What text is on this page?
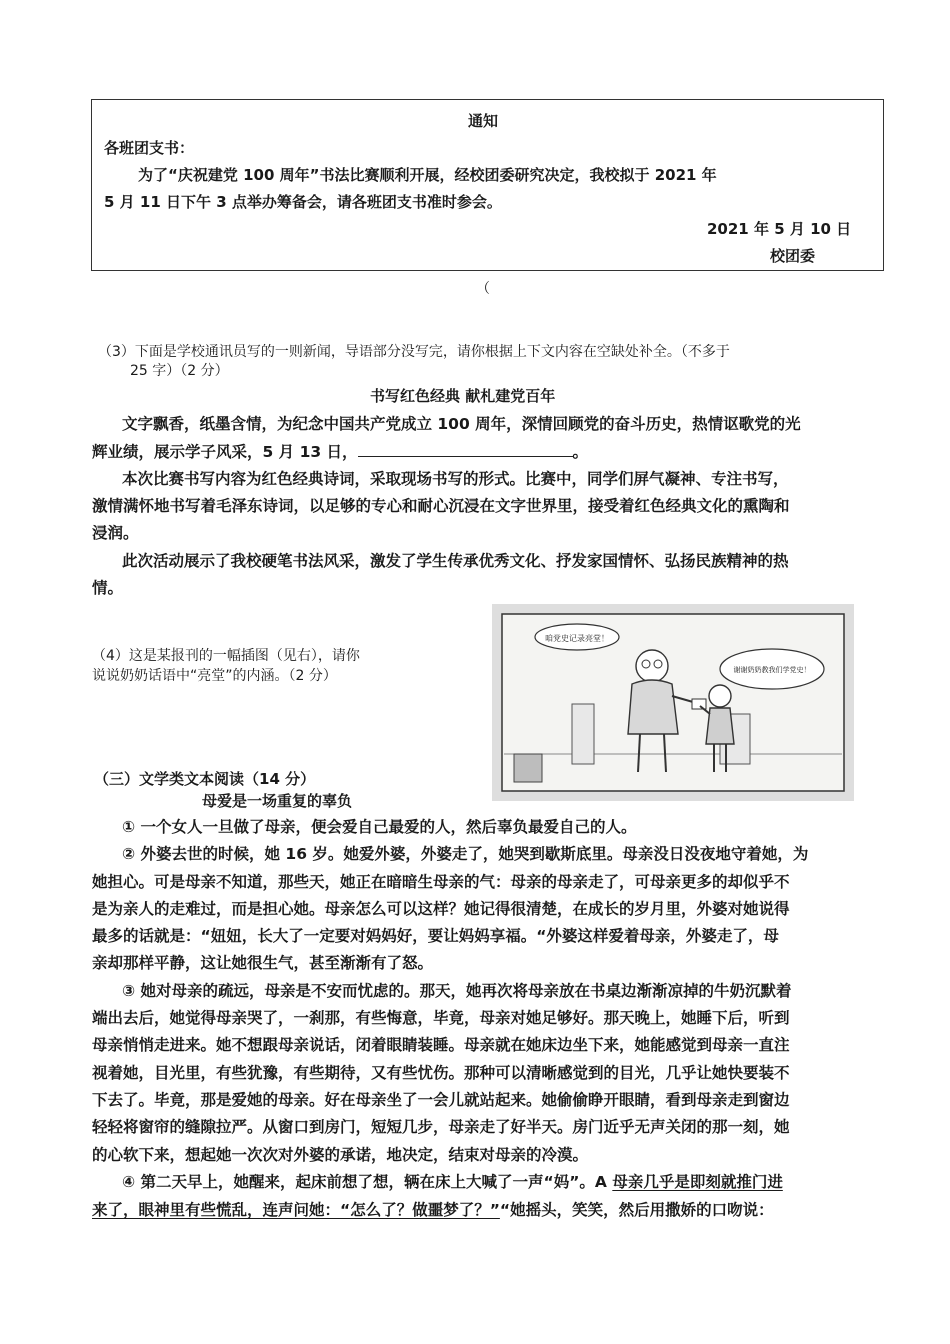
通知
各班团支书：
为了“庆祝建党 100 周年”书法比赛顺利开展，经校团委研究决定，我校拟于 2021 年
5 月 11 日下午 3 点举办筹备会，请各班团支书准时参会。
2021 年 5 月 10 日
校团委
（
（3）下面是学校通讯员写的一则新闻，导语部分没写完，请你根据上下文内容在空缺处补全。（不多于
25 字）（2 分）
书写红色经典 献札建党百年
文字飘香，纸墨含情，为纪念中国共产党成立 100 周年，深情回顾党的奋斗历史，热情讴歌党的光
辉业绩，展示学子风采，5 月 13 日，	。
本次比赛书写内容为红色经典诗词，采取现场书写的形式。比赛中，同学们屏气凝神、专注书写，
激情满怀地书写着毛泽东诗词，以足够的专心和耐心沉浸在文字世界里，接受着红色经典文化的熏陶和
浸润。
此次活动展示了我校硬笔书法风采，激发了学生传承优秀文化、抒发家国情怀、弘扬民族精神的热
情。
（4）这是某报刊的一幅插图（见右），请你
说说奶奶话语中“亮堂”的内涵。（2 分）
咱党史记录亮堂！
谢谢奶奶教我们学党史！
（三）文学类文本阅读（14 分）
母爱是一场重复的辜负
① 一个女人一旦做了母亲，便会爱自己最爱的人，然后辜负最爱自己的人。
② 外婆去世的时候，她 16 岁。她爱外婆，外婆走了，她哭到歇斯底里。母亲没日没夜地守着她，为
她担心。可是母亲不知道，那些天，她正在暗暗生母亲的气：母亲的母亲走了，可母亲更多的却似乎不
是为亲人的走难过，而是担心她。母亲怎么可以这样？她记得很清楚，在成长的岁月里，外婆对她说得
最多的话就是：“妞妞，长大了一定要对妈妈好，要让妈妈享福。“外婆这样爱着母亲，外婆走了，母
亲却那样平静，这让她很生气，甚至渐渐有了怒。
③ 她对母亲的疏远，母亲是不安而忧虑的。那天，她再次将母亲放在书桌边渐渐凉掉的牛奶沉默着
端出去后，她觉得母亲哭了，一刹那，有些悔意，毕竟，母亲对她足够好。那天晚上，她睡下后，听到
母亲悄悄走进来。她不想跟母亲说话，闭着眼睛装睡。母亲就在她床边坐下来，她能感觉到母亲一直注
视着她，目光里，有些犹豫，有些期待，又有些忧伤。那种可以清晰感觉到的目光，几乎让她快要装不
下去了。毕竟，那是爱她的母亲。好在母亲坐了一会儿就站起来。她偷偷睁开眼睛，看到母亲走到窗边
轻轻将窗帘的缝隙拉严。从窗口到房门，短短几步，母亲走了好半天。房门近乎无声关闭的那一刻，她
的心软下来，想起她一次次对外婆的承诺，地决定，结束对母亲的冷漠。
④ 第二天早上，她醒来，起床前想了想，辆在床上大喊了一声“妈”。A 母亲几乎是即刻就推门进
来了，眼神里有些慌乱，连声问她：“怎么了？做噩梦了？”“她摇头，笑笑，然后用撒娇的口吻说：
